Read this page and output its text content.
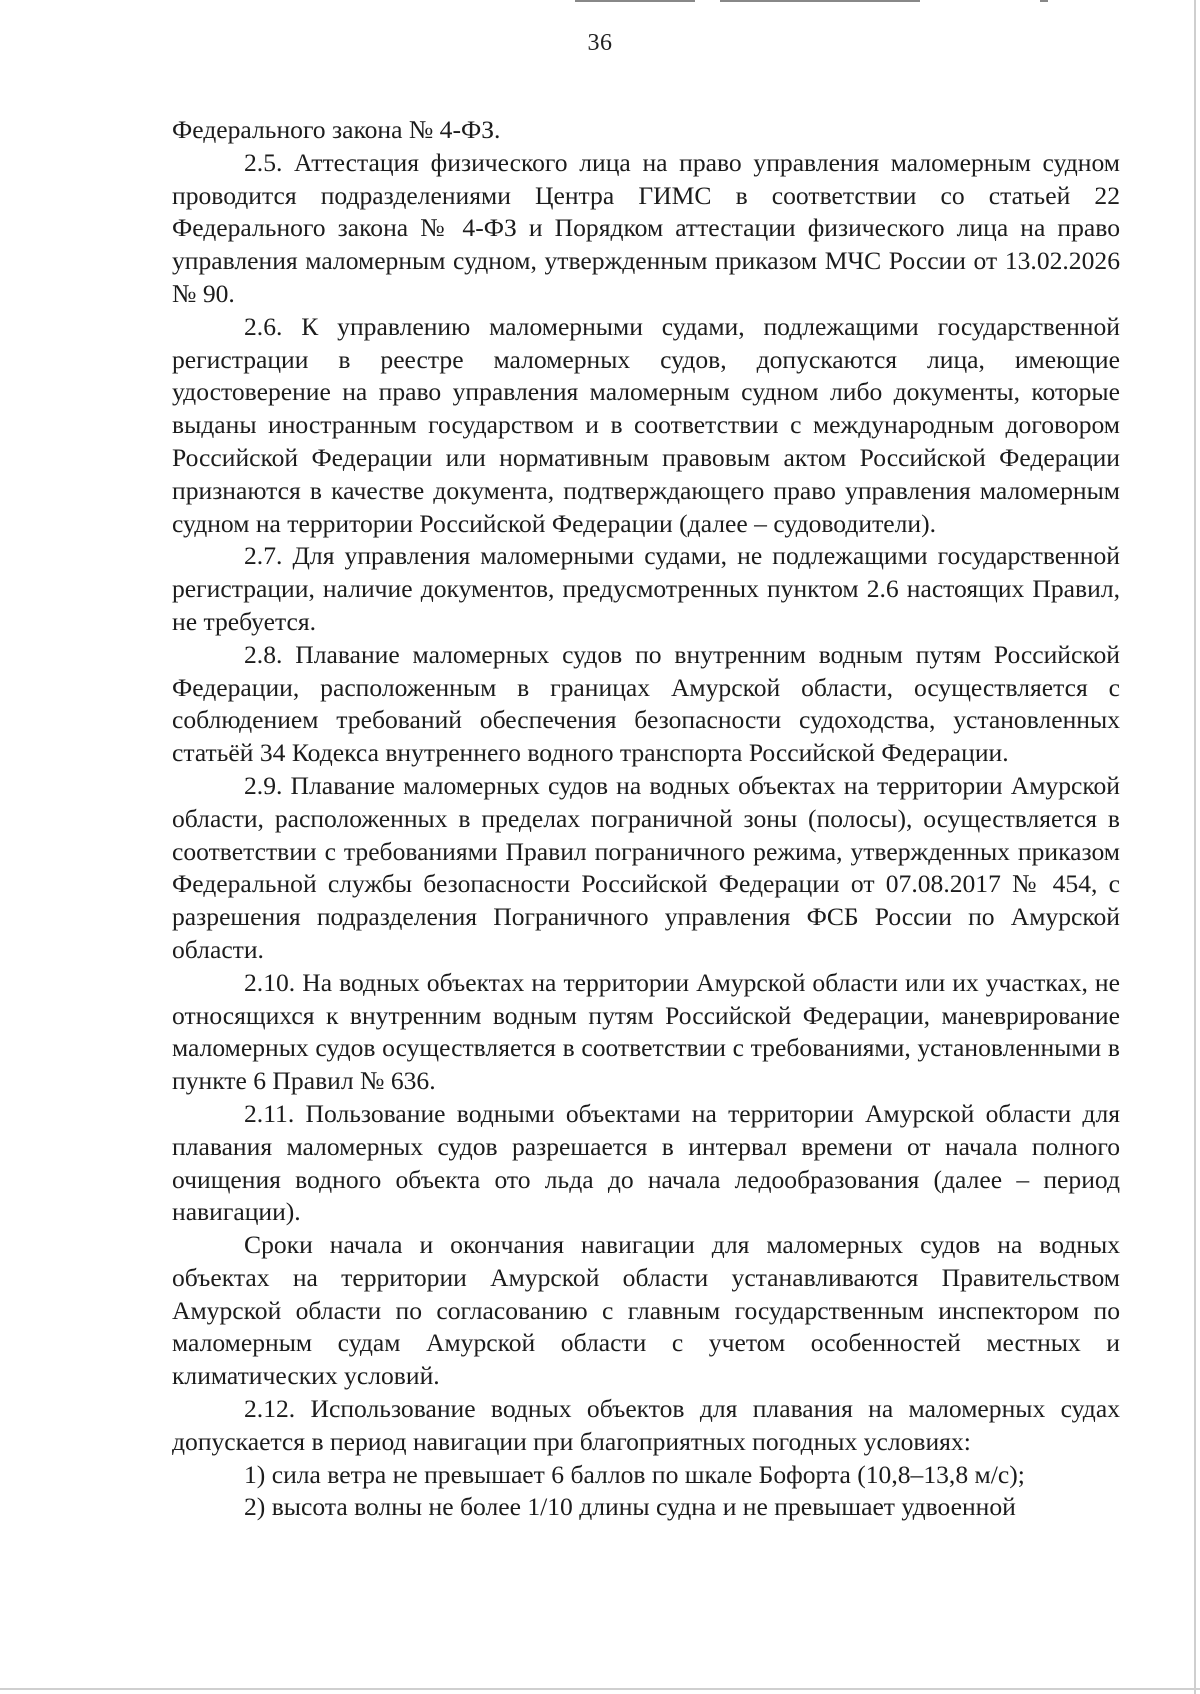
36

Федерального закона № 4-ФЗ.

2.5. Аттестация физического лица на право управления маломерным судном проводится подразделениями Центра ГИМС в соответствии со статьей 22 Федерального закона № 4-ФЗ и Порядком аттестации физического лица на право управления маломерным судном, утвержденным приказом МЧС России от 13.02.2026 № 90.

2.6. К управлению маломерными судами, подлежащими государственной регистрации в реестре маломерных судов, допускаются лица, имеющие удостоверение на право управления маломерным судном либо документы, которые выданы иностранным государством и в соответствии с международным договором Российской Федерации или нормативным правовым актом Российской Федерации признаются в качестве документа, подтверждающего право управления маломерным судном на территории Российской Федерации (далее – судоводители).

2.7. Для управления маломерными судами, не подлежащими государственной регистрации, наличие документов, предусмотренных пунктом 2.6 настоящих Правил, не требуется.

2.8. Плавание маломерных судов по внутренним водным путям Российской Федерации, расположенным в границах Амурской области, осуществляется с соблюдением требований обеспечения безопасности судоходства, установленных статьёй 34 Кодекса внутреннего водного транспорта Российской Федерации.

2.9. Плавание маломерных судов на водных объектах на территории Амурской области, расположенных в пределах пограничной зоны (полосы), осуществляется в соответствии с требованиями Правил пограничного режима, утвержденных приказом Федеральной службы безопасности Российской Федерации от 07.08.2017 № 454, с разрешения подразделения Пограничного управления ФСБ России по Амурской области.

2.10. На водных объектах на территории Амурской области или их участках, не относящихся к внутренним водным путям Российской Федерации, маневрирование маломерных судов осуществляется в соответствии с требованиями, установленными в пункте 6 Правил № 636.

2.11. Пользование водными объектами на территории Амурской области для плавания маломерных судов разрешается в интервал времени от начала полного очищения водного объекта ото льда до начала ледообразования (далее – период навигации).

Сроки начала и окончания навигации для маломерных судов на водных объектах на территории Амурской области устанавливаются Правительством Амурской области по согласованию с главным государственным инспектором по маломерным судам Амурской области с учетом особенностей местных и климатических условий.

2.12. Использование водных объектов для плавания на маломерных судах допускается в период навигации при благоприятных погодных условиях:

1) сила ветра не превышает 6 баллов по шкале Бофорта (10,8–13,8 м/с);

2) высота волны не более 1/10 длины судна и не превышает удвоенной
